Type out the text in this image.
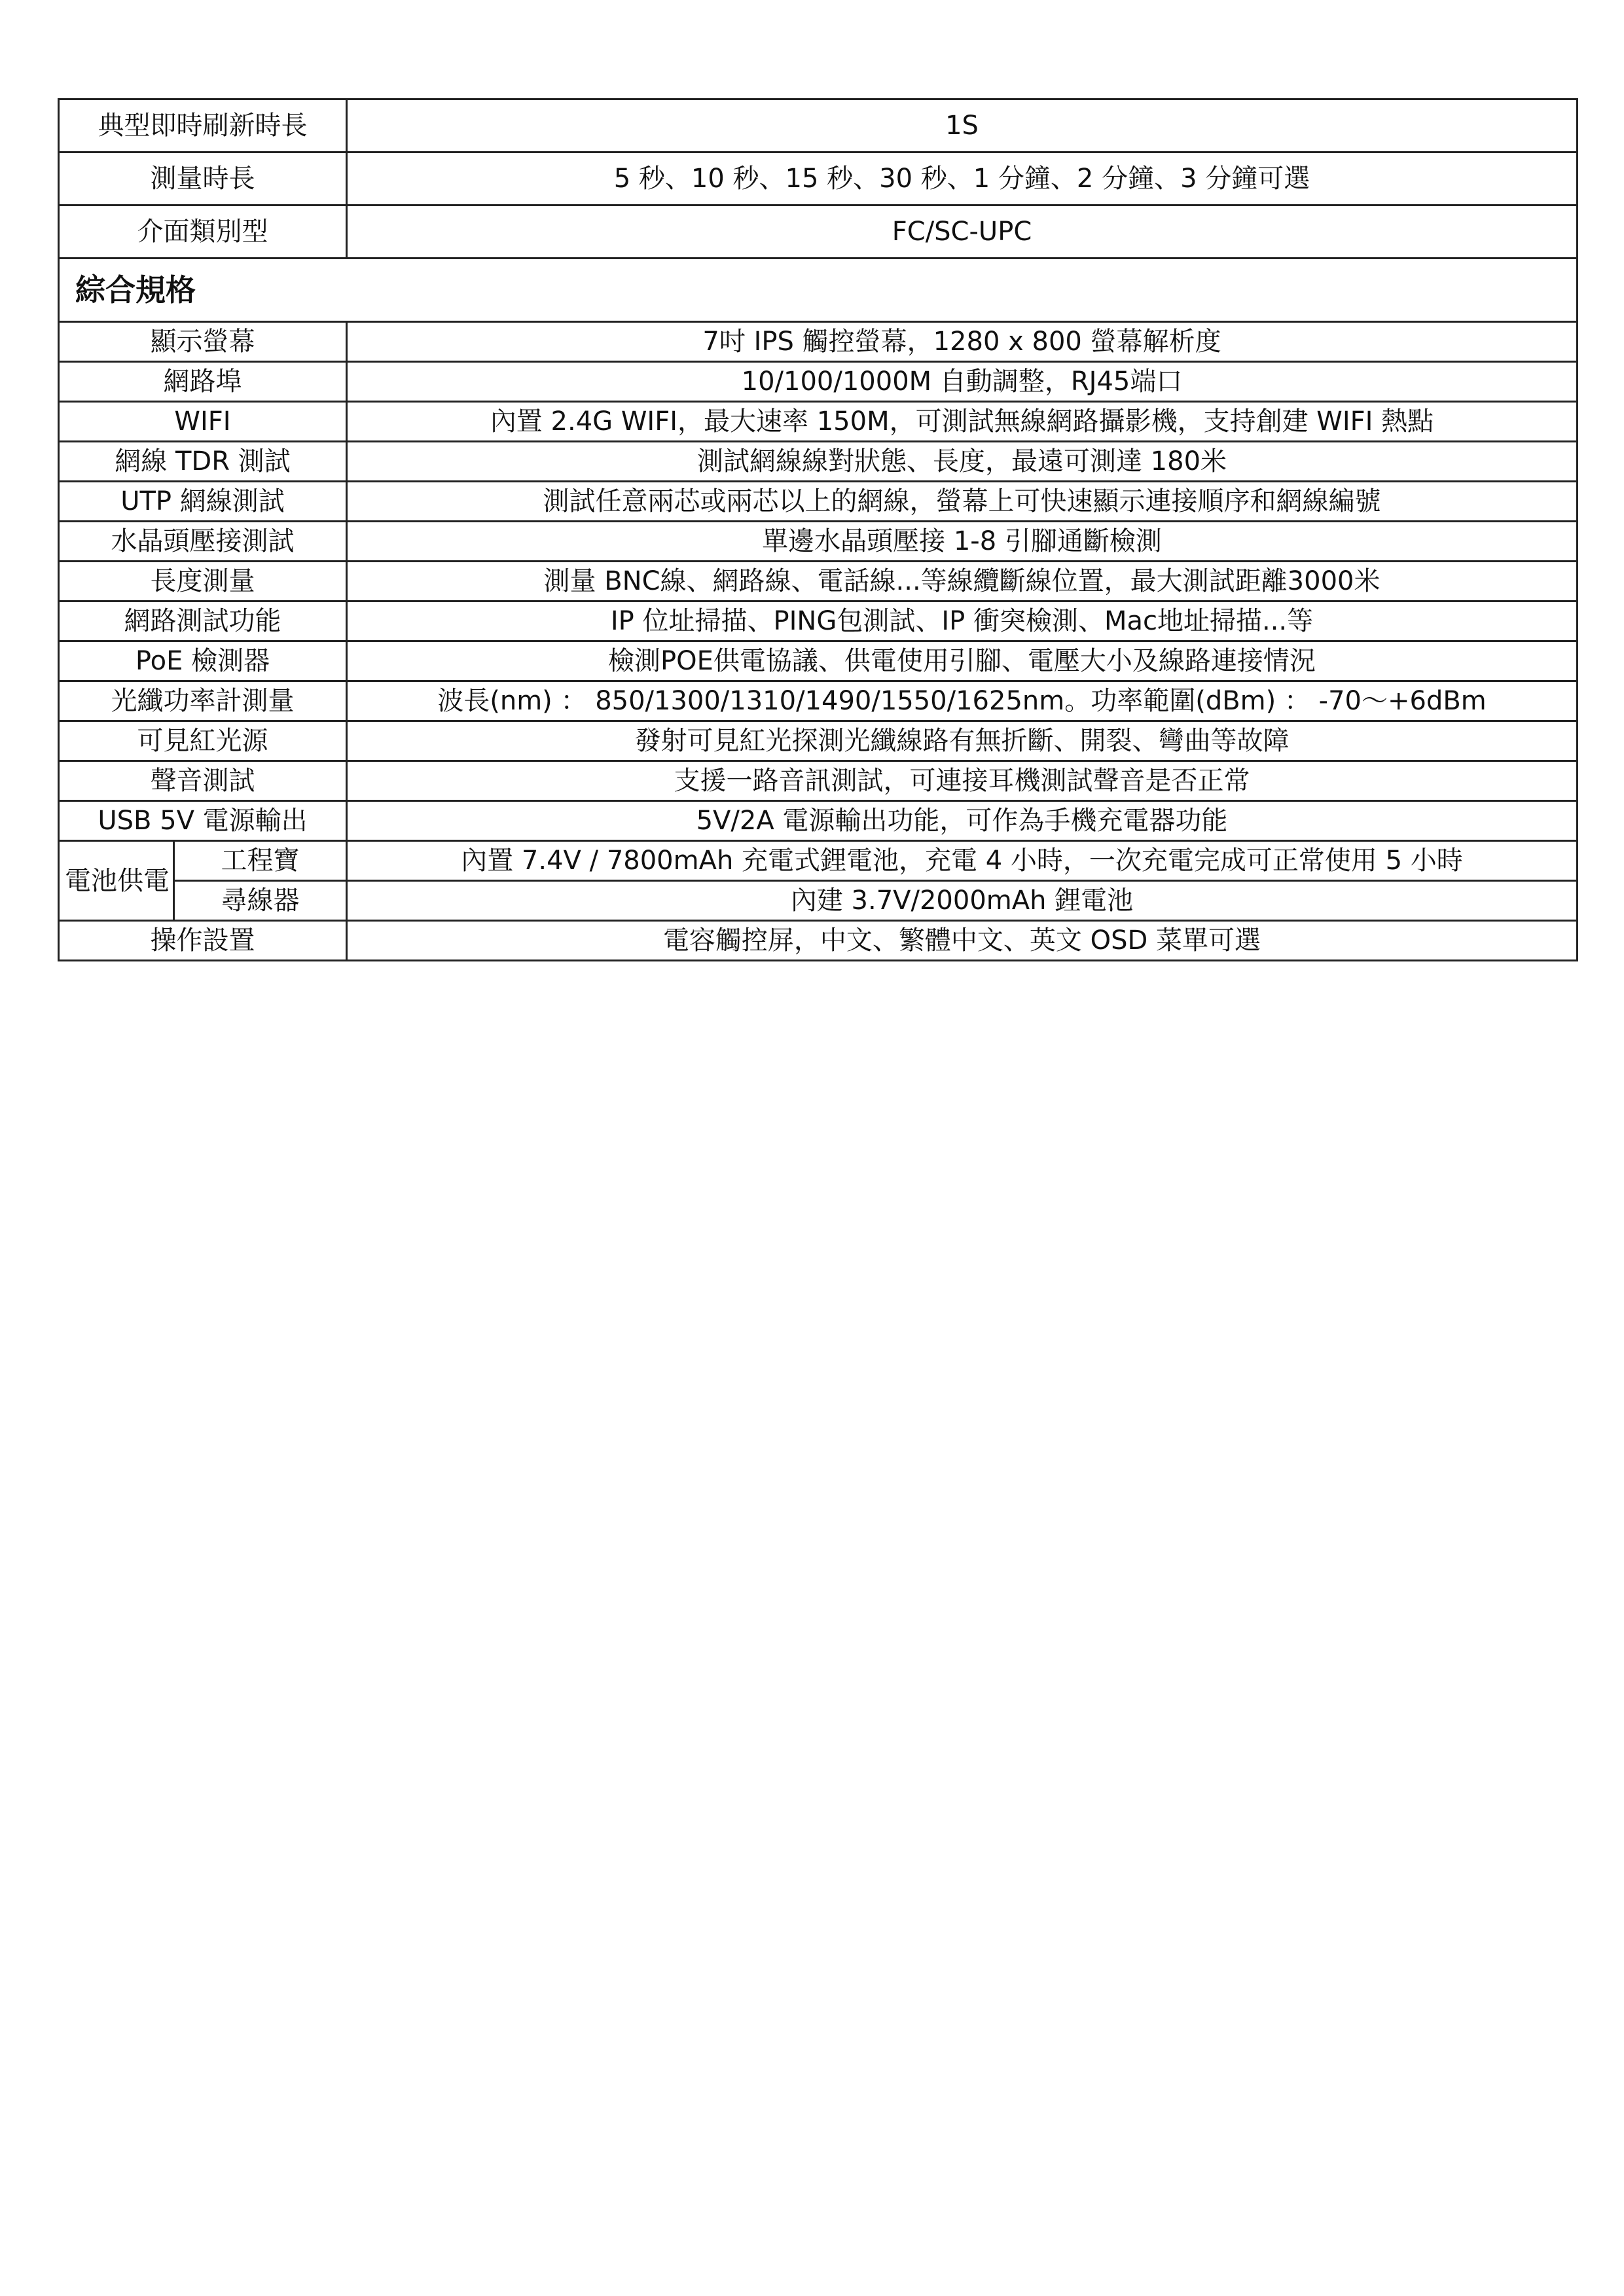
典型即時刷新時長		1S
測量時長		5 秒、10 秒、15 秒、30 秒、1 分鐘、2 分鐘、3 分鐘可選
介面類別型		FC/SC-UPC
綜合規格		
顯示螢幕		7吋 IPS 觸控螢幕，1280 x 800 螢幕解析度
網路埠		10/100/1000M 自動調整，RJ45端口
WIFI		內置 2.4G WIFI，最大速率 150M，可測試無線網路攝影機，支持創建 WIFI 熱點
網線 TDR 測試		測試網線線對狀態、長度，最遠可測達 180米
UTP 網線測試		測試任意兩芯或兩芯以上的網線，螢幕上可快速顯示連接順序和網線編號
水晶頭壓接測試		單邊水晶頭壓接 1-8 引腳通斷檢測
長度測量		測量 BNC線、網路線、電話線...等線纜斷線位置，最大測試距離3000米
網路測試功能		IP 位址掃描、PING包測試、IP 衝突檢測、Mac地址掃描...等
PoE 檢測器		檢測POE供電協議、供電使用引腳、電壓大小及線路連接情況
光纖功率計測量		波長(nm) ： 850/1300/1310/1490/1550/1625nm。功率範圍(dBm) ： -70～+6dBm
可見紅光源		發射可見紅光探測光纖線路有無折斷、開裂、彎曲等故障
聲音測試		支援一路音訊測試，可連接耳機測試聲音是否正常
USB 5V 電源輸出		5V/2A 電源輸出功能，可作為手機充電器功能
電池供電	工程寶	內置 7.4V / 7800mAh 充電式鋰電池，充電 4 小時，一次充電完成可正常使用 5 小時
	尋線器	內建 3.7V/2000mAh 鋰電池
操作設置		電容觸控屏，中文、繁體中文、英文 OSD 菜單可選
